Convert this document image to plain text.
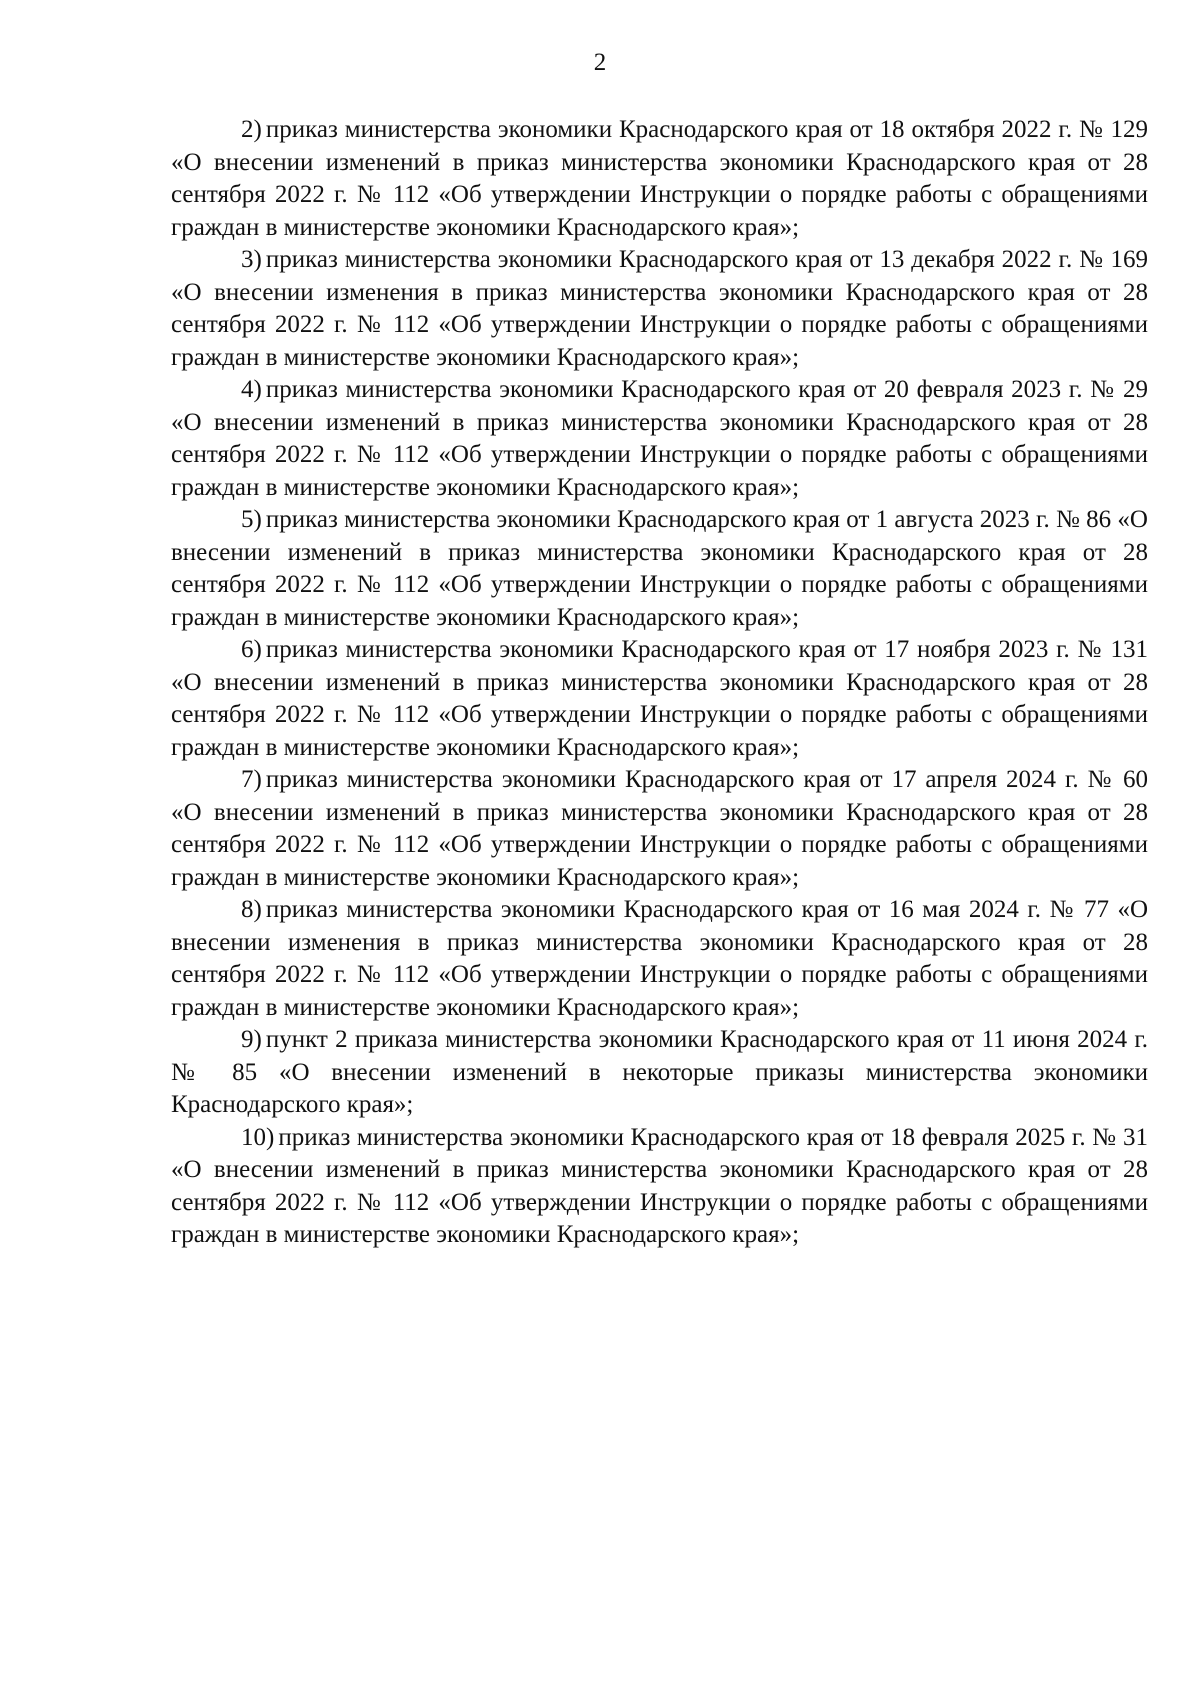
2

2) приказ министерства экономики Краснодарского края от 18 октября 2022 г. № 129 «О внесении изменений в приказ министерства экономики Краснодарского края от 28 сентября 2022 г. № 112 «Об утверждении Инструкции о порядке работы с обращениями граждан в министерстве экономики Краснодарского края»;

3) приказ министерства экономики Краснодарского края от 13 декабря 2022 г. № 169 «О внесении изменения в приказ министерства экономики Краснодарского края от 28 сентября 2022 г. № 112 «Об утверждении Инструкции о порядке работы с обращениями граждан в министерстве экономики Краснодарского края»;

4) приказ министерства экономики Краснодарского края от 20 февраля 2023 г. № 29 «О внесении изменений в приказ министерства экономики Краснодарского края от 28 сентября 2022 г. № 112 «Об утверждении Инструкции о порядке работы с обращениями граждан в министерстве экономики Краснодарского края»;

5) приказ министерства экономики Краснодарского края от 1 августа 2023 г. № 86 «О внесении изменений в приказ министерства экономики Краснодарского края от 28 сентября 2022 г. № 112 «Об утверждении Инструкции о порядке работы с обращениями граждан в министерстве экономики Краснодарского края»;

6) приказ министерства экономики Краснодарского края от 17 ноября 2023 г. № 131 «О внесении изменений в приказ министерства экономики Краснодарского края от 28 сентября 2022 г. № 112 «Об утверждении Инструкции о порядке работы с обращениями граждан в министерстве экономики Краснодарского края»;

7) приказ министерства экономики Краснодарского края от 17 апреля 2024 г. № 60 «О внесении изменений в приказ министерства экономики Краснодарского края от 28 сентября 2022 г. № 112 «Об утверждении Инструкции о порядке работы с обращениями граждан в министерстве экономики Краснодарского края»;

8) приказ министерства экономики Краснодарского края от 16 мая 2024 г. № 77 «О внесении изменения в приказ министерства экономики Краснодарского края от 28 сентября 2022 г. № 112 «Об утверждении Инструкции о порядке работы с обращениями граждан в министерстве экономики Краснодарского края»;

9) пункт 2 приказа министерства экономики Краснодарского края от 11 июня 2024 г. № 85 «О внесении изменений в некоторые приказы министерства экономики Краснодарского края»;

10) приказ министерства экономики Краснодарского края от 18 февраля 2025 г. № 31 «О внесении изменений в приказ министерства экономики Краснодарского края от 28 сентября 2022 г. № 112 «Об утверждении Инструкции о порядке работы с обращениями граждан в министерстве экономики Краснодарского края»;
